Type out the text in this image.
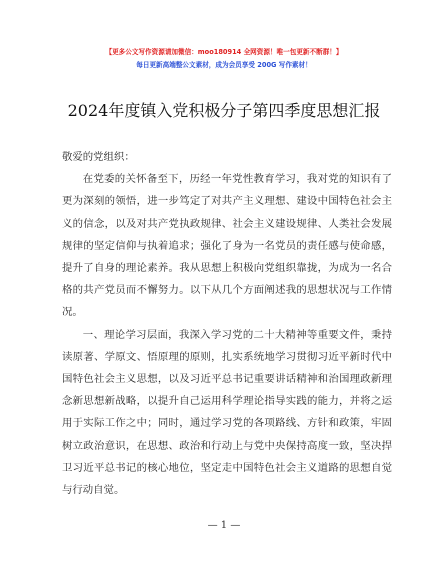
【更多公文写作资源请加微信：moo180914 全网资源！唯一包更新不断群！】
每日更新高端整公文素材，成为会员享受 200G 写作素材！
2024年度镇入党积极分子第四季度思想汇报

敬爱的党组织：

在党委的关怀备至下，历经一年党性教育学习，我对党的知识有了更为深刻的领悟，进一步笃定了对共产主义理想、建设中国特色社会主义的信念，以及对共产党执政规律、社会主义建设规律、人类社会发展规律的坚定信仰与执着追求；强化了身为一名党员的责任感与使命感，提升了自身的理论素养。我从思想上积极向党组织靠拢，为成为一名合格的共产党员而不懈努力。以下从几个方面阐述我的思想状况与工作情况。

一、理论学习层面，我深入学习党的二十大精神等重要文件，秉持读原著、学原文、悟原理的原则，扎实系统地学习贯彻习近平新时代中国特色社会主义思想，以及习近平总书记重要讲话精神和治国理政新理念新思想新战略，以提升自己运用科学理论指导实践的能力，并将之运用于实际工作之中；同时，通过学习党的各项路线、方针和政策，牢固树立政治意识，在思想、政治和行动上与党中央保持高度一致，坚决捍卫习近平总书记的核心地位，坚定走中国特色社会主义道路的思想自觉与行动自觉。

— 1 —
